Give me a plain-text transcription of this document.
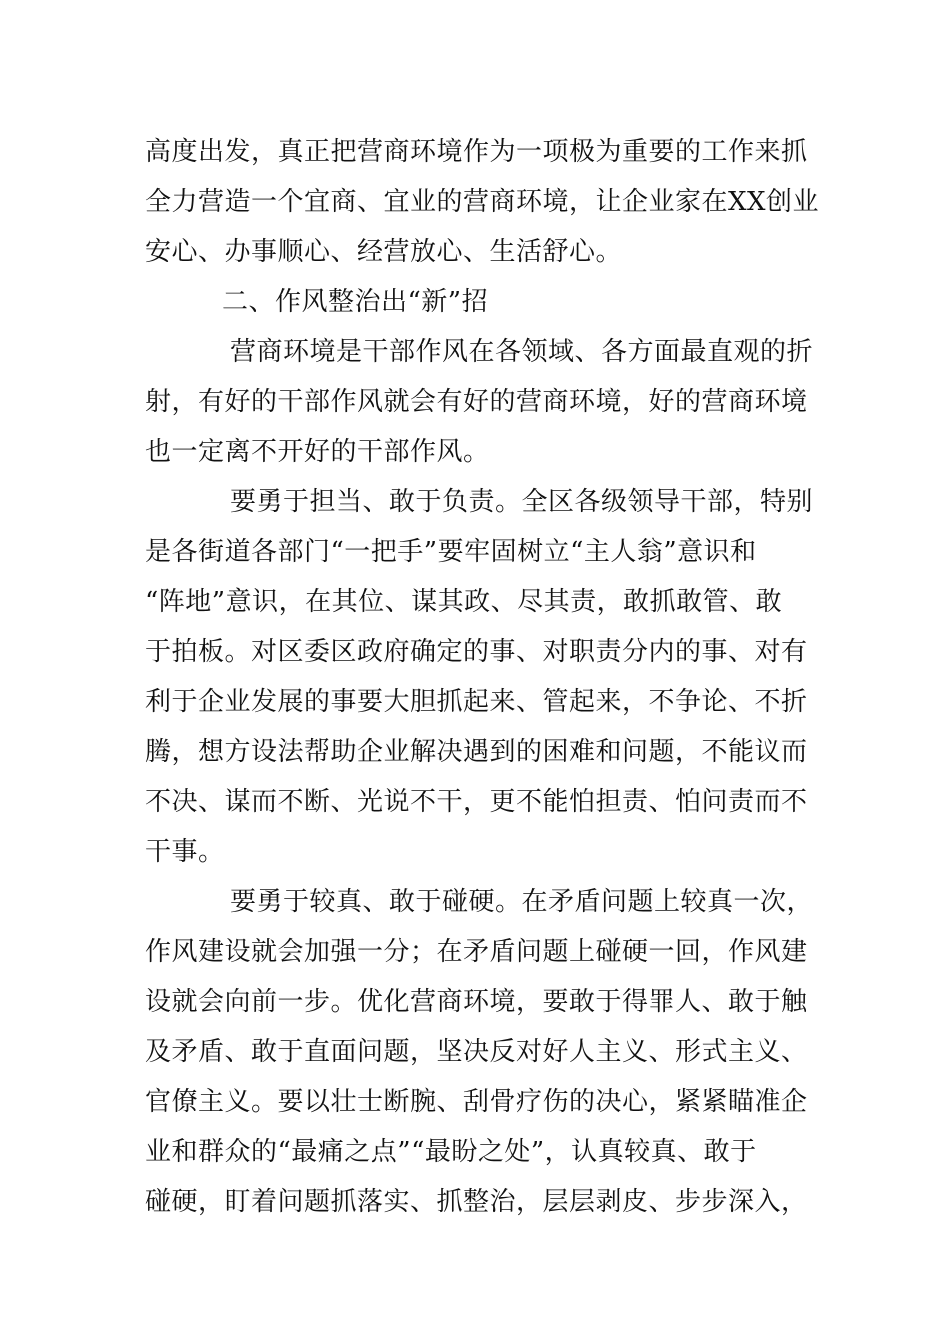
高度出发，真正把营商环境作为一项极为重要的工作来抓
全力营造一个宜商、宜业的营商环境，让企业家在XX创业
安心、办事顺心、经营放心、生活舒心。
二、作风整治出“新”招
营商环境是干部作风在各领域、各方面最直观的折
射，有好的干部作风就会有好的营商环境，好的营商环境
也一定离不开好的干部作风。
要勇于担当、敢于负责。全区各级领导干部，特别
是各街道各部门“一把手”要牢固树立“主人翁”意识和
“阵地”意识，在其位、谋其政、尽其责，敢抓敢管、敢
于拍板。对区委区政府确定的事、对职责分内的事、对有
利于企业发展的事要大胆抓起来、管起来，不争论、不折
腾，想方设法帮助企业解决遇到的困难和问题，不能议而
不决、谋而不断、光说不干，更不能怕担责、怕问责而不
干事。
要勇于较真、敢于碰硬。在矛盾问题上较真一次，
作风建设就会加强一分；在矛盾问题上碰硬一回，作风建
设就会向前一步。优化营商环境，要敢于得罪人、敢于触
及矛盾、敢于直面问题，坚决反对好人主义、形式主义、
官僚主义。要以壮士断腕、刮骨疗伤的决心，紧紧瞄准企
业和群众的“最痛之点”“最盼之处”，认真较真、敢于
碰硬，盯着问题抓落实、抓整治，层层剥皮、步步深入，
